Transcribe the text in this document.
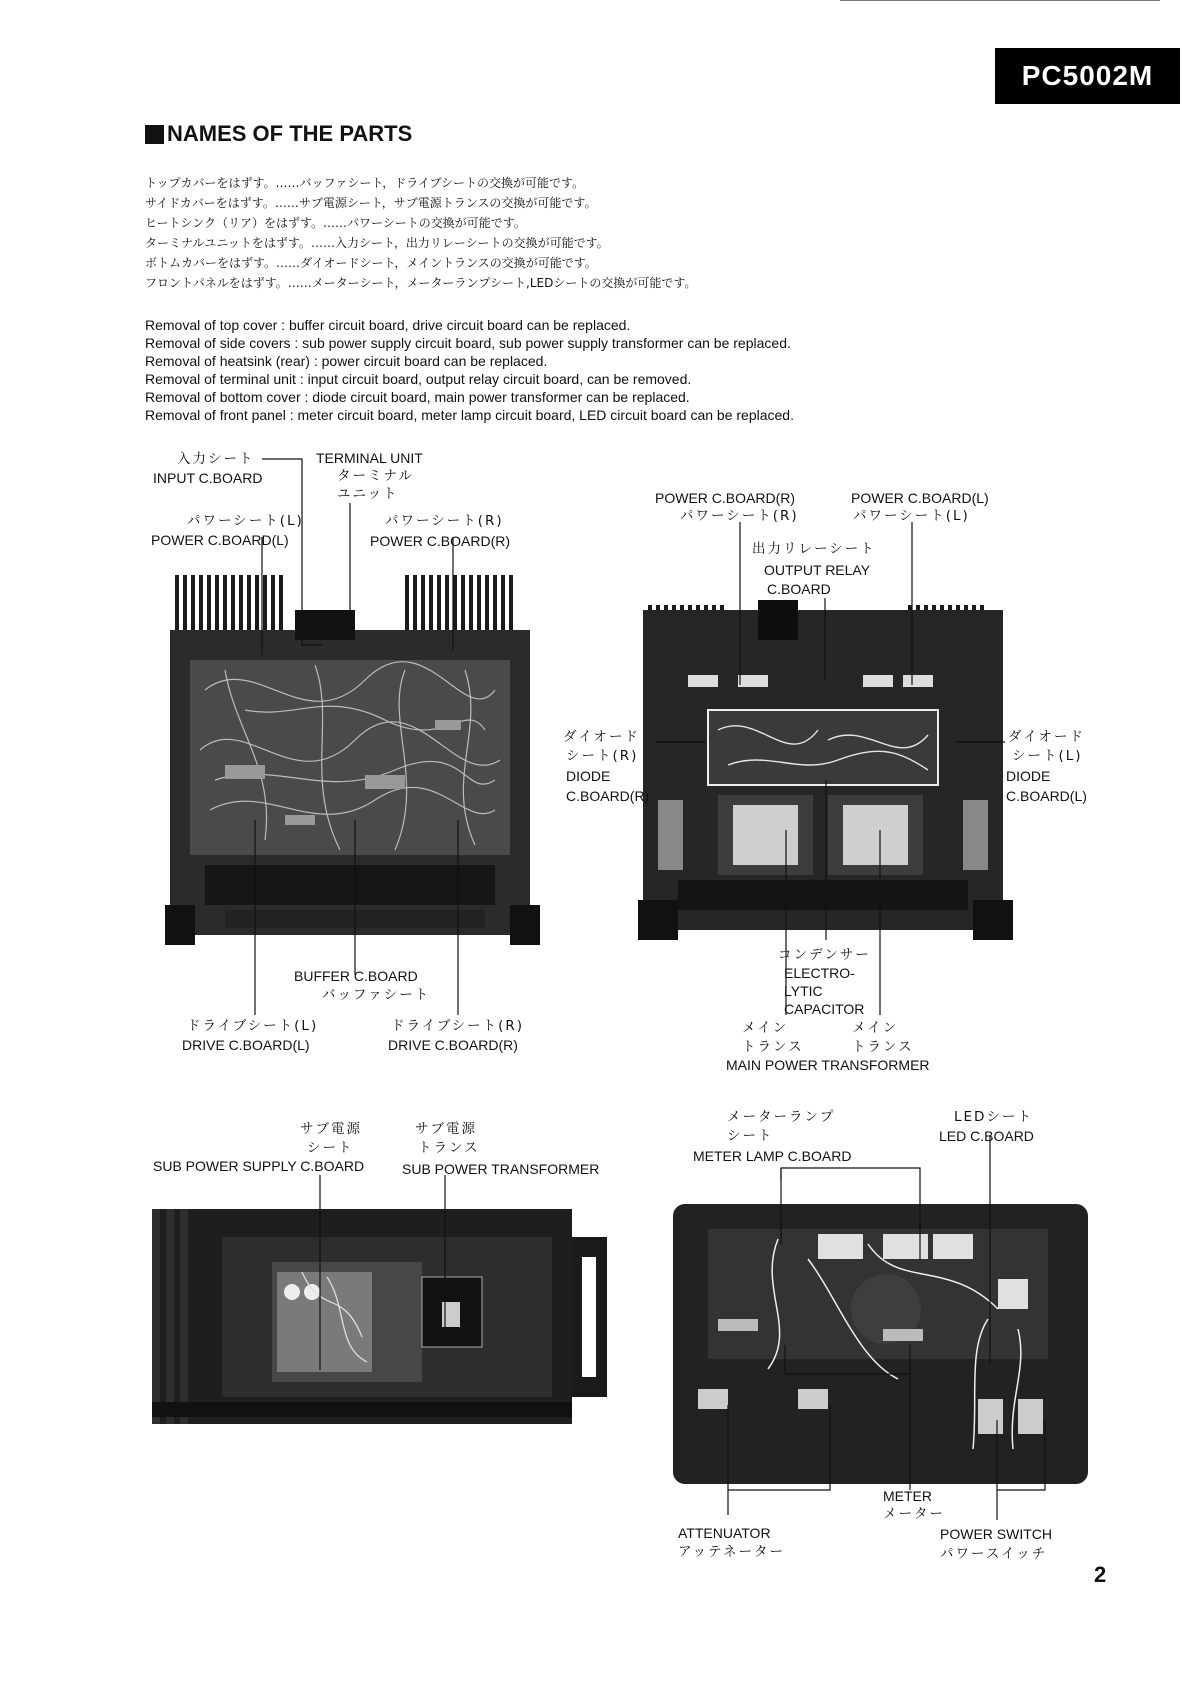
PC5002M
NAMES OF THE PARTS
トップカバーをはずす。……バッファシート，ドライブシートの交換が可能です。
サイドカバーをはずす。……サブ電源シート，サブ電源トランスの交換が可能です。
ヒートシンク（リア）をはずす。……パワーシートの交換が可能です。
ターミナルユニットをはずす。……入力シート，出力リレーシートの交換が可能です。
ボトムカバーをはずす。……ダイオードシート，メイントランスの交換が可能です。
フロントパネルをはずす。……メーターシート，メーターランプシート,LEDシートの交換が可能です。
Removal of top cover : buffer circuit board, drive circuit board can be replaced.
Removal of side covers : sub power supply circuit board, sub power supply transformer can be replaced.
Removal of heatsink (rear) : power circuit board can be replaced.
Removal of terminal unit : input circuit board, output relay circuit board, can be removed.
Removal of bottom cover : diode circuit board, main power transformer can be replaced.
Removal of front panel : meter circuit board, meter lamp circuit board, LED circuit board can be replaced.
入力シート
INPUT C.BOARD
TERMINAL UNIT
ターミナル
ユニット
パワーシート(L)
POWER C.BOARD(L)
パワーシート(R)
POWER C.BOARD(R)
BUFFER C.BOARD
バッファシート
ドライブシート(L)
DRIVE C.BOARD(L)
ドライブシート(R)
DRIVE C.BOARD(R)
POWER C.BOARD(R)
パワーシート(R)
POWER C.BOARD(L)
パワーシート(L)
出力リレーシート
OUTPUT RELAY
C.BOARD
ダイオード
シート(R)
DIODE
C.BOARD(R)
ダイオード
シート(L)
DIODE
C.BOARD(L)
コンデンサー
ELECTRO-
LYTIC
CAPACITOR
メイン
トランス
メイン
トランス
MAIN POWER TRANSFORMER
サブ電源
シート
SUB POWER SUPPLY C.BOARD
サブ電源
トランス
SUB POWER TRANSFORMER
メーターランプ
シート
METER LAMP C.BOARD
LEDシート
LED C.BOARD
METER
メーター
ATTENUATOR
アッテネーター
POWER SWITCH
パワースイッチ
2
